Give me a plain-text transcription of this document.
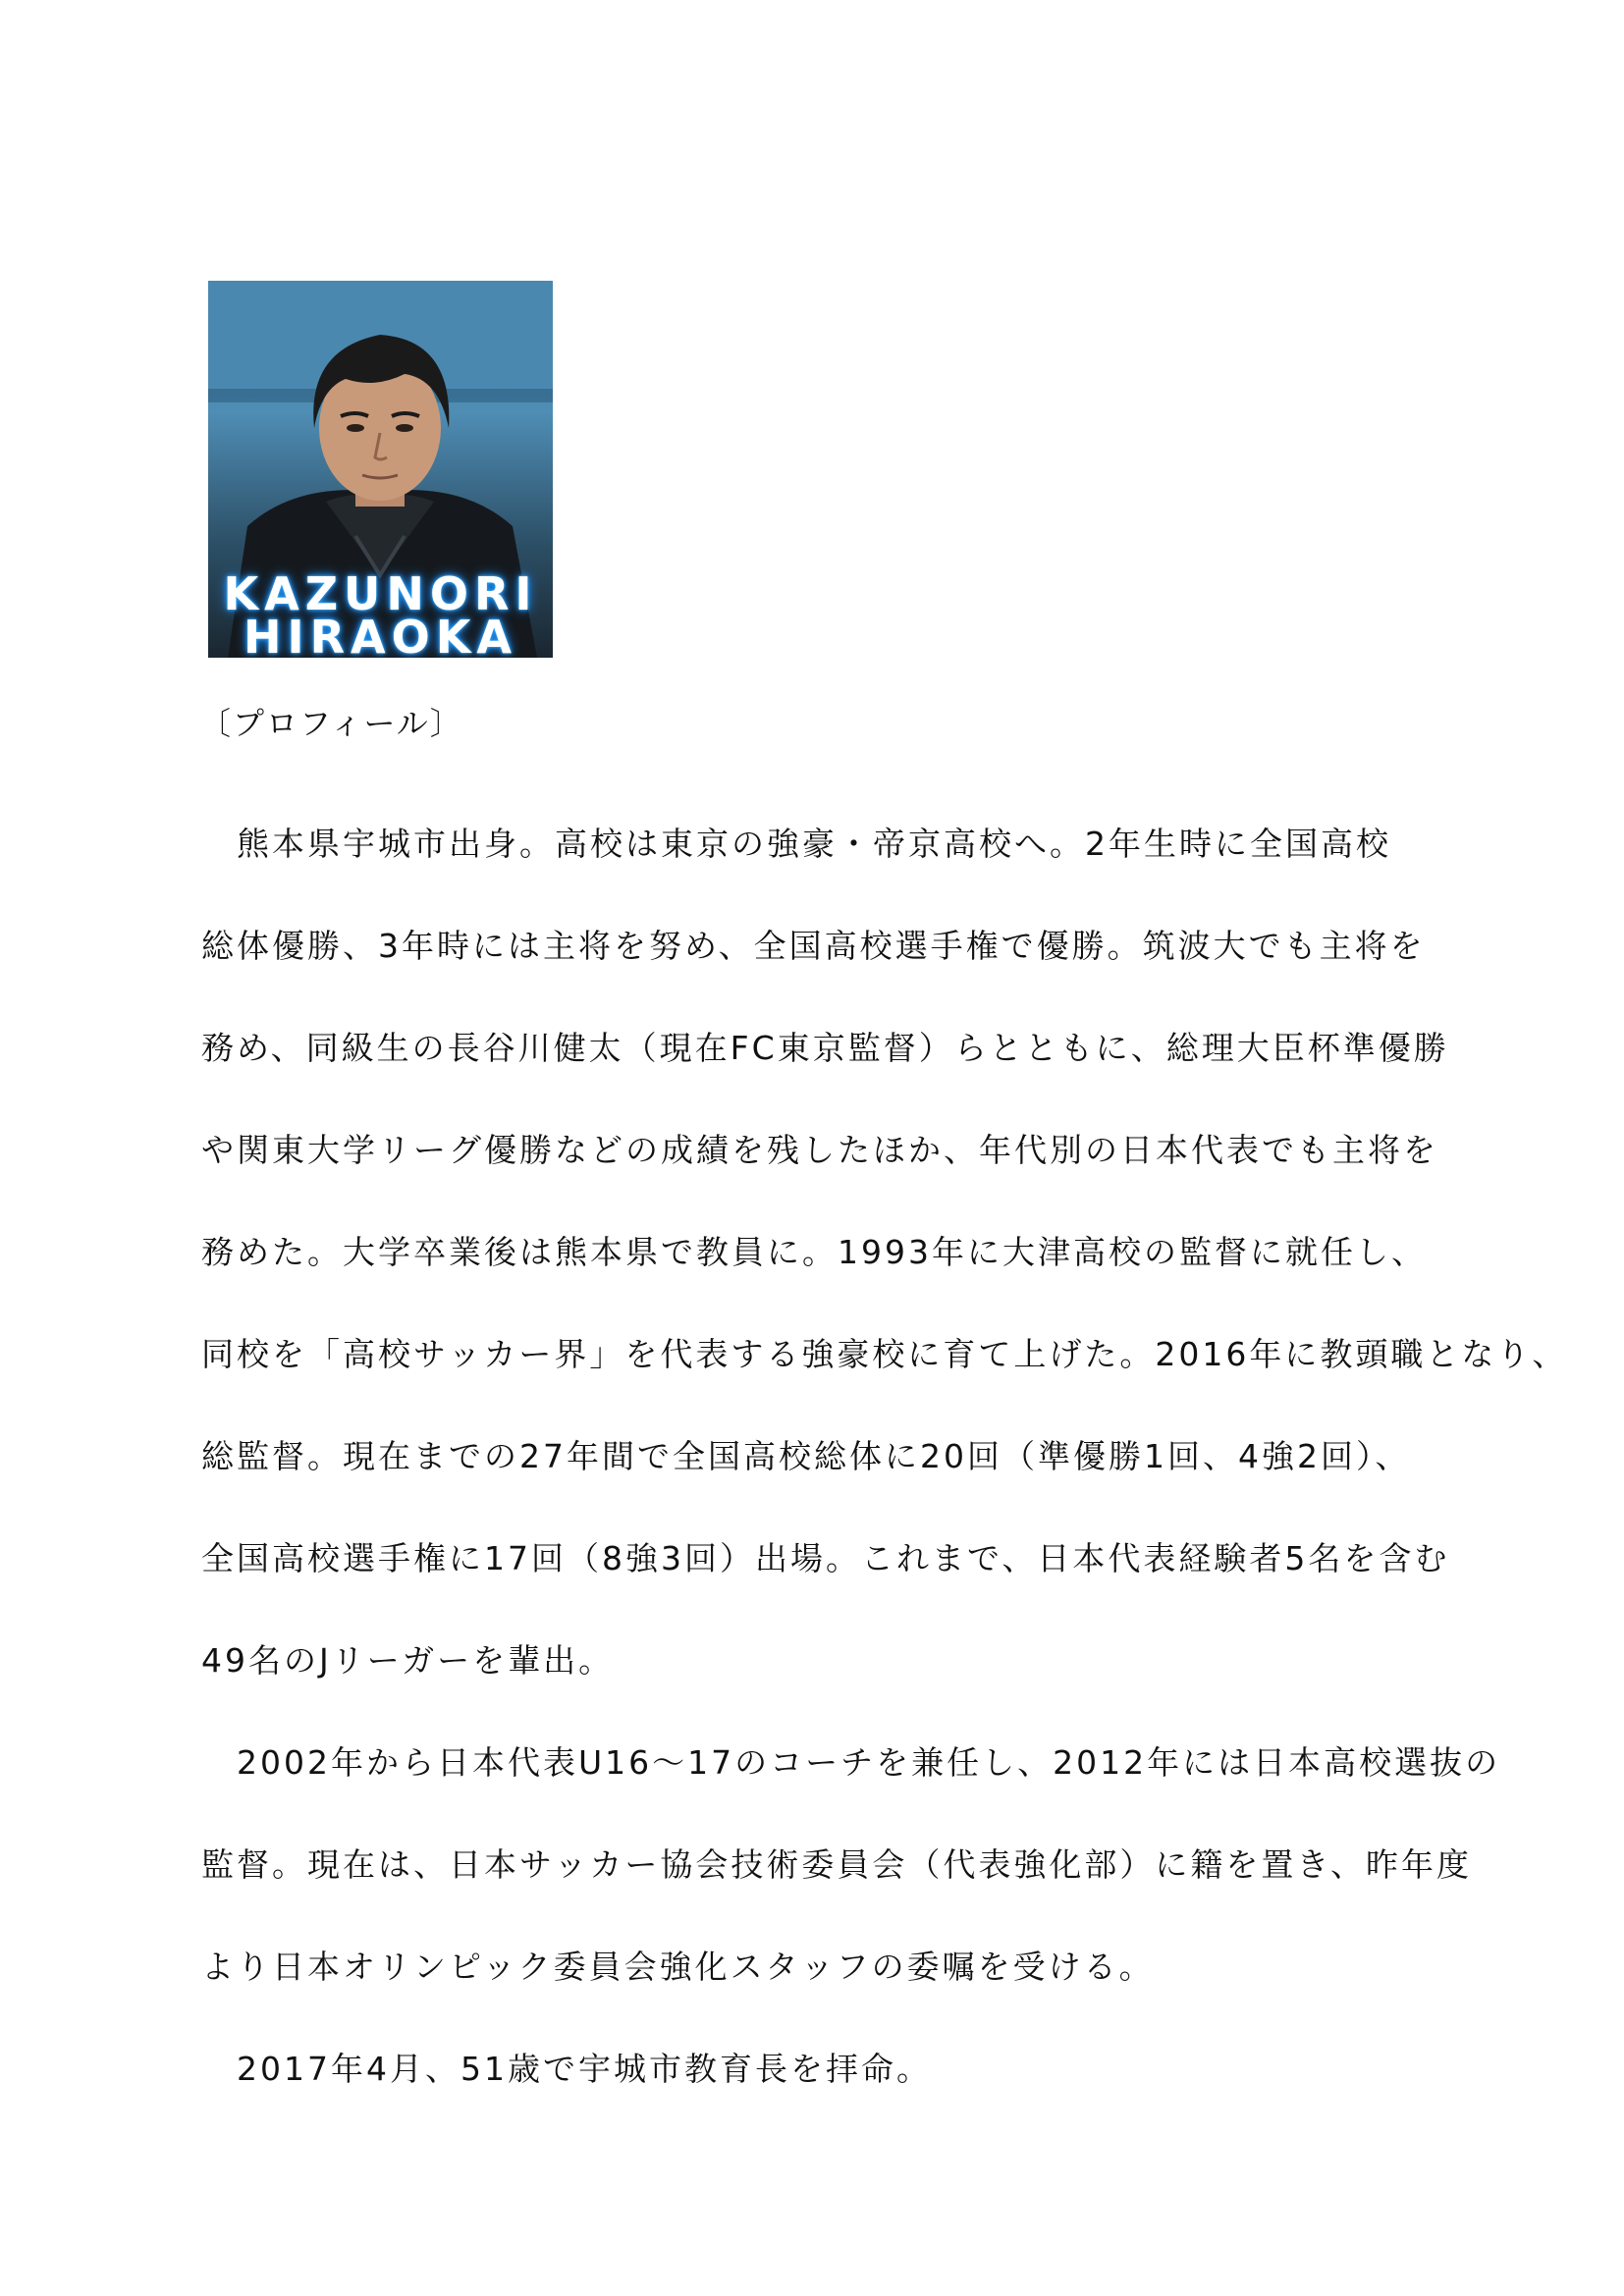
KAZUNORI
HIRAOKA
〔プロフィール〕
　熊本県宇城市出身。高校は東京の強豪・帝京高校へ。2年生時に全国高校
総体優勝、3年時には主将を努め、全国高校選手権で優勝。筑波大でも主将を
務め、同級生の長谷川健太（現在FC東京監督）らとともに、総理大臣杯準優勝
や関東大学リーグ優勝などの成績を残したほか、年代別の日本代表でも主将を
務めた。大学卒業後は熊本県で教員に。1993年に大津高校の監督に就任し、
同校を「高校サッカー界」を代表する強豪校に育て上げた。2016年に教頭職となり、
総監督。現在までの27年間で全国高校総体に20回（準優勝1回、4強2回）、
全国高校選手権に17回（8強3回）出場。これまで、日本代表経験者5名を含む
49名のJリーガーを輩出。
　2002年から日本代表U16～17のコーチを兼任し、2012年には日本高校選抜の
監督。現在は、日本サッカー協会技術委員会（代表強化部）に籍を置き、昨年度
より日本オリンピック委員会強化スタッフの委嘱を受ける。
　2017年4月、51歳で宇城市教育長を拝命。
